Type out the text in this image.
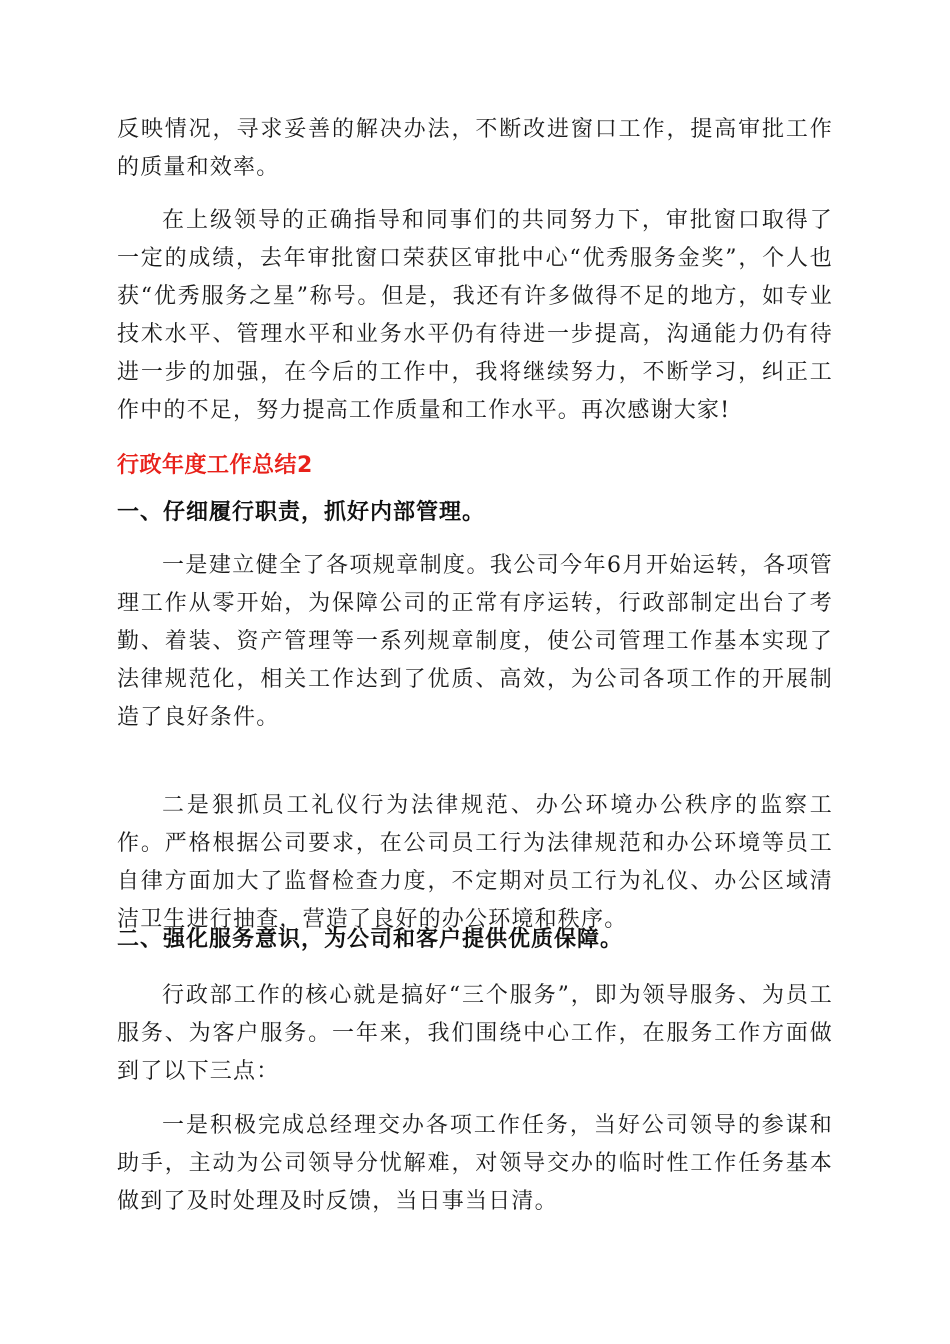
反映情况，寻求妥善的解决办法，不断改进窗口工作，提高审批工作的质量和效率。

在上级领导的正确指导和同事们的共同努力下，审批窗口取得了一定的成绩，去年审批窗口荣获区审批中心“优秀服务金奖”，个人也获“优秀服务之星”称号。但是，我还有许多做得不足的地方，如专业技术水平、管理水平和业务水平仍有待进一步提高，沟通能力仍有待进一步的加强，在今后的工作中，我将继续努力，不断学习，纠正工作中的不足，努力提高工作质量和工作水平。再次感谢大家!

行政年度工作总结2
一、仔细履行职责，抓好内部管理。

一是建立健全了各项规章制度。我公司今年6月开始运转，各项管理工作从零开始，为保障公司的正常有序运转，行政部制定出台了考勤、着装、资产管理等一系列规章制度，使公司管理工作基本实现了法律规范化，相关工作达到了优质、高效，为公司各项工作的开展制造了良好条件。

二是狠抓员工礼仪行为法律规范、办公环境办公秩序的监察工作。严格根据公司要求，在公司员工行为法律规范和办公环境等员工自律方面加大了监督检查力度，不定期对员工行为礼仪、办公区域清洁卫生进行抽查，营造了良好的办公环境和秩序。

二、强化服务意识，为公司和客户提供优质保障。

行政部工作的核心就是搞好“三个服务”，即为领导服务、为员工服务、为客户服务。一年来，我们围绕中心工作，在服务工作方面做到了以下三点：

一是积极完成总经理交办各项工作任务，当好公司领导的参谋和助手，主动为公司领导分忧解难，对领导交办的临时性工作任务基本做到了及时处理及时反馈，当日事当日清。
